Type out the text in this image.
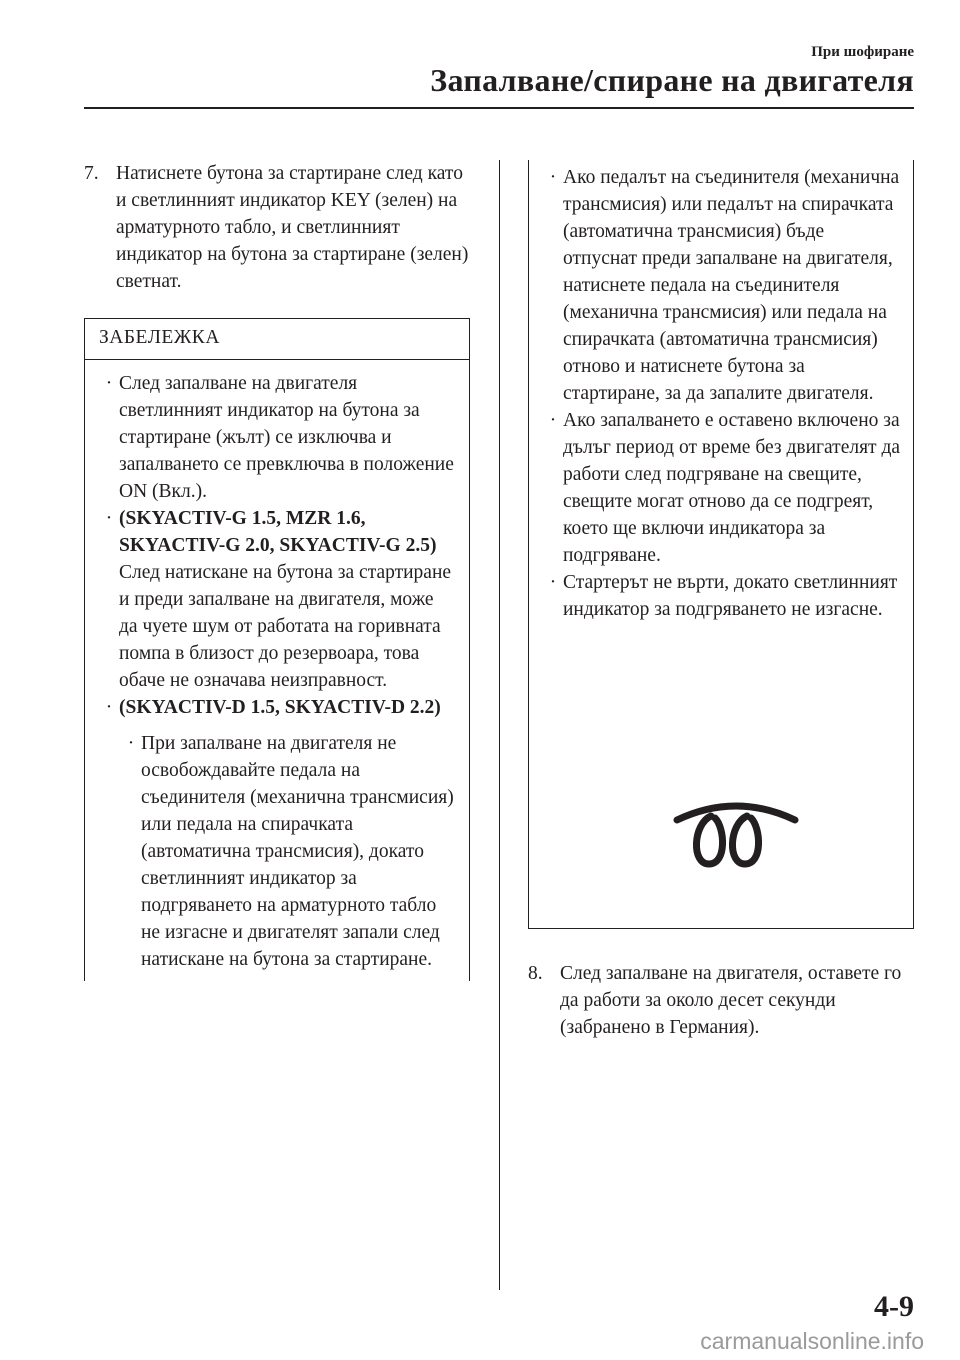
При шофиране
Запалване/спиране на двигателя
7. Натиснете бутона за стартиране след като и светлинният индикатор KEY (зелен) на арматурното табло, и светлинният индикатор на бутона за стартиране (зелен) светнат.
ЗАБЕЛЕЖКА
· След запалване на двигателя светлинният индикатор на бутона за стартиране (жълт) се изключва и запалването се превключва в положение ON (Вкл.).
· (SKYACTIV-G 1.5, MZR 1.6, SKYACTIV-G 2.0, SKYACTIV-G 2.5)
След натискане на бутона за стартиране и преди запалване на двигателя, може да чуете шум от работата на горивната помпа в близост до резервоара, това обаче не означава неизправност.
· (SKYACTIV-D 1.5, SKYACTIV-D 2.2)
· При запалване на двигателя не освобождавайте педала на съединителя (механична трансмисия) или педала на спирачката (автоматична трансмисия), докато светлинният индикатор за подгряването на арматурното табло не изгасне и двигателят запали след натискане на бутона за стартиране.
· Ако педалът на съединителя (механична трансмисия) или педалът на спирачката (автоматична трансмисия) бъде отпуснат преди запалване на двигателя, натиснете педала на съединителя (механична трансмисия) или педала на спирачката (автоматична трансмисия) отново и натиснете бутона за стартиране, за да запалите двигателя.
· Ако запалването е оставено включено за дълъг период от време без двигателят да работи след подгряване на свещите, свещите могат отново да се подгреят, което ще включи индикатора за подгряване.
· Стартерът не върти, докато светлинният индикатор за подгряването не изгасне.
8. След запалване на двигателя, оставете го да работи за около десет секунди (забранено в Германия).
4-9
carmanualsonline.info
